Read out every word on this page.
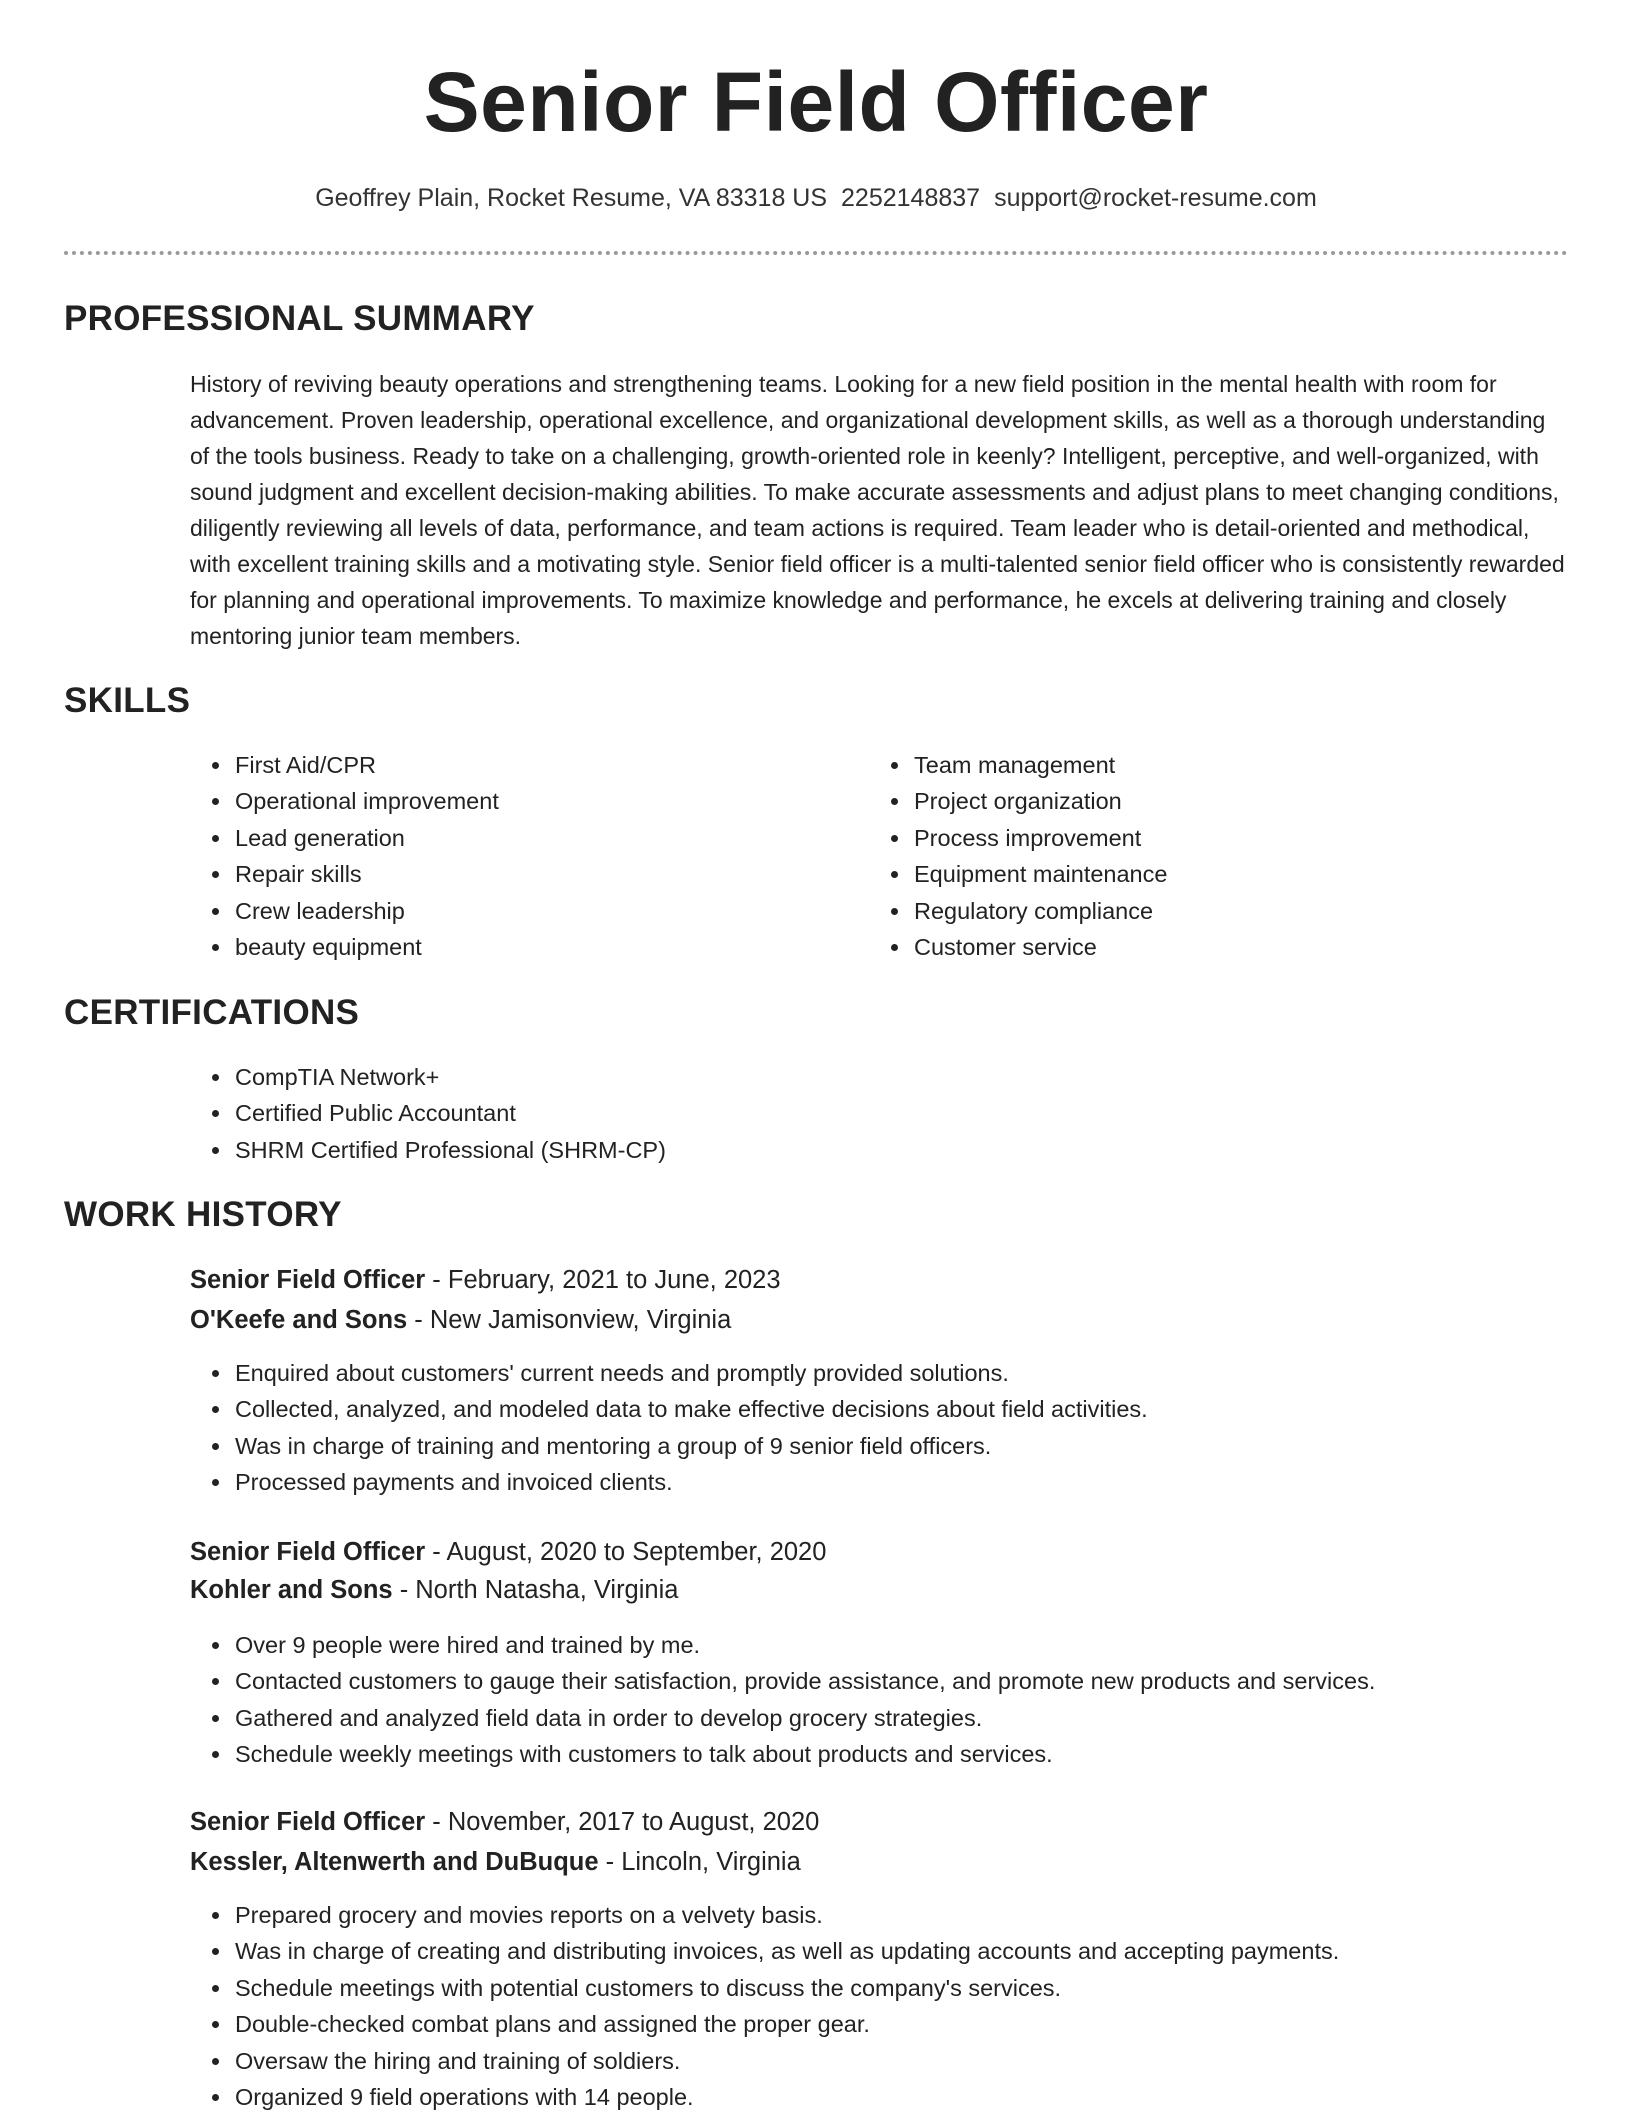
Senior Field Officer
Geoffrey Plain, Rocket Resume, VA 83318 US 2252148837 support@rocket-resume.com
PROFESSIONAL SUMMARY

History of reviving beauty operations and strengthening teams. Looking for a new field position in the mental health with room for advancement. Proven leadership, operational excellence, and organizational development skills, as well as a thorough understanding of the tools business. Ready to take on a challenging, growth-oriented role in keenly? Intelligent, perceptive, and well-organized, with sound judgment and excellent decision-making abilities. To make accurate assessments and adjust plans to meet changing conditions, diligently reviewing all levels of data, performance, and team actions is required. Team leader who is detail-oriented and methodical, with excellent training skills and a motivating style. Senior field officer is a multi-talented senior field officer who is consistently rewarded for planning and operational improvements. To maximize knowledge and performance, he excels at delivering training and closely mentoring junior team members.

SKILLS
• First Aid/CPR
• Operational improvement
• Lead generation
• Repair skills
• Crew leadership
• beauty equipment
• Team management
• Project organization
• Process improvement
• Equipment maintenance
• Regulatory compliance
• Customer service
CERTIFICATIONS
• CompTIA Network+
• Certified Public Accountant
• SHRM Certified Professional (SHRM-CP)
WORK HISTORY
Senior Field Officer - February, 2021 to June, 2023
O'Keefe and Sons - New Jamisonview, Virginia
• Enquired about customers' current needs and promptly provided solutions.
• Collected, analyzed, and modeled data to make effective decisions about field activities.
• Was in charge of training and mentoring a group of 9 senior field officers.
• Processed payments and invoiced clients.
Senior Field Officer - August, 2020 to September, 2020
Kohler and Sons - North Natasha, Virginia
• Over 9 people were hired and trained by me.
• Contacted customers to gauge their satisfaction, provide assistance, and promote new products and services.
• Gathered and analyzed field data in order to develop grocery strategies.
• Schedule weekly meetings with customers to talk about products and services.
Senior Field Officer - November, 2017 to August, 2020
Kessler, Altenwerth and DuBuque - Lincoln, Virginia
• Prepared grocery and movies reports on a velvety basis.
• Was in charge of creating and distributing invoices, as well as updating accounts and accepting payments.
• Schedule meetings with potential customers to discuss the company's services.
• Double-checked combat plans and assigned the proper gear.
• Oversaw the hiring and training of soldiers.
• Organized 9 field operations with 14 people.
